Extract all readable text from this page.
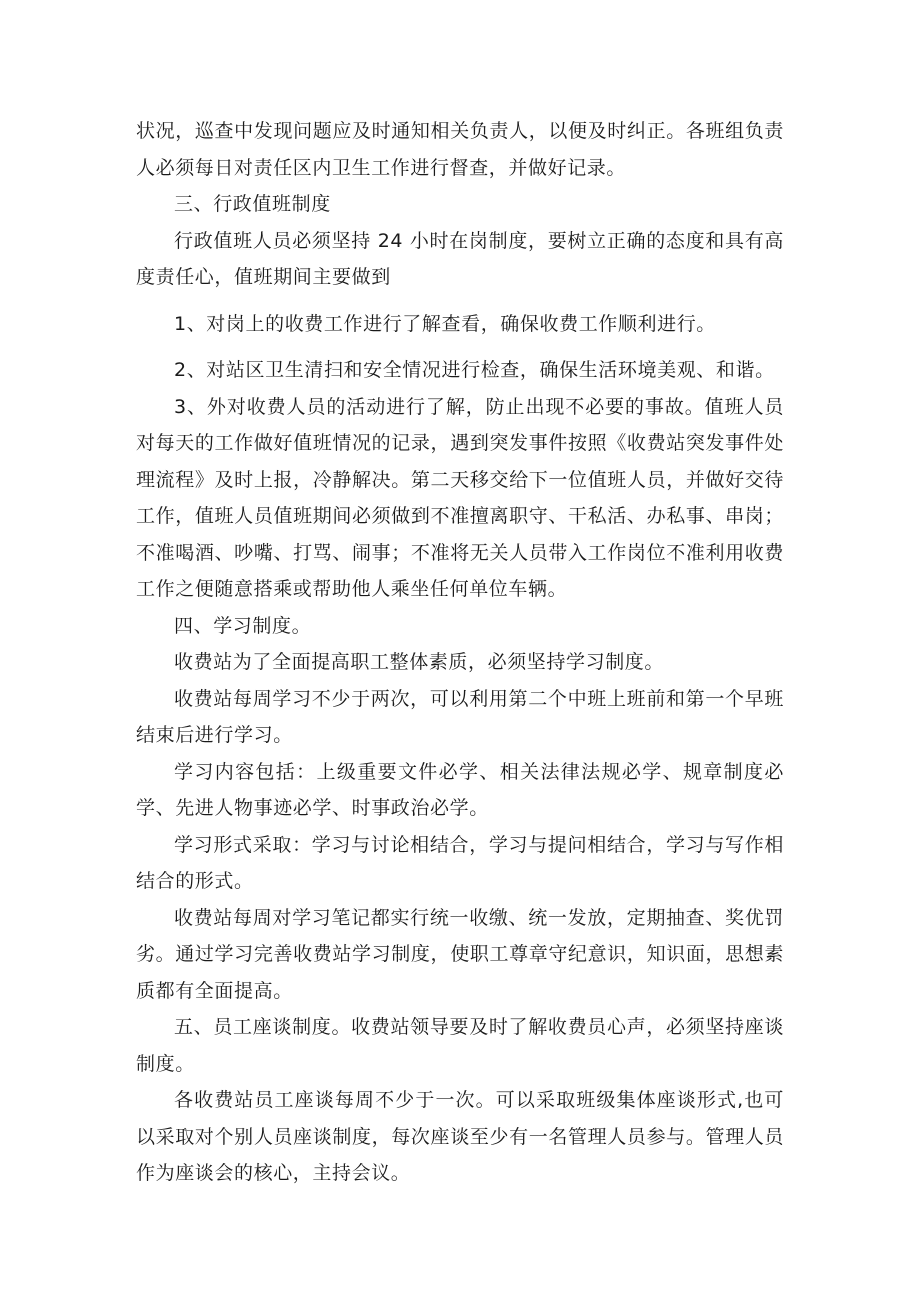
状况，巡查中发现问题应及时通知相关负责人，以便及时纠正。各班组负责人必须每日对责任区内卫生工作进行督查，并做好记录。

三、行政值班制度

行政值班人员必须坚持 24 小时在岗制度，要树立正确的态度和具有高度责任心，值班期间主要做到

1、对岗上的收费工作进行了解查看，确保收费工作顺利进行。

2、对站区卫生清扫和安全情况进行检查，确保生活环境美观、和谐。

3、外对收费人员的活动进行了解，防止出现不必要的事故。值班人员对每天的工作做好值班情况的记录，遇到突发事件按照《收费站突发事件处理流程》及时上报，冷静解决。第二天移交给下一位值班人员，并做好交待工作，值班人员值班期间必须做到不准擅离职守、干私活、办私事、串岗；不准喝酒、吵嘴、打骂、闹事；不准将无关人员带入工作岗位不准利用收费工作之便随意搭乘或帮助他人乘坐任何单位车辆。

四、学习制度。

收费站为了全面提高职工整体素质，必须坚持学习制度。

收费站每周学习不少于两次，可以利用第二个中班上班前和第一个早班结束后进行学习。

学习内容包括：上级重要文件必学、相关法律法规必学、规章制度必学、先进人物事迹必学、时事政治必学。

学习形式采取：学习与讨论相结合，学习与提问相结合，学习与写作相结合的形式。

收费站每周对学习笔记都实行统一收缴、统一发放，定期抽查、奖优罚劣。通过学习完善收费站学习制度，使职工尊章守纪意识，知识面，思想素质都有全面提高。

五、员工座谈制度。收费站领导要及时了解收费员心声，必须坚持座谈制度。

各收费站员工座谈每周不少于一次。可以采取班级集体座谈形式,也可以采取对个别人员座谈制度，每次座谈至少有一名管理人员参与。管理人员作为座谈会的核心，主持会议。
